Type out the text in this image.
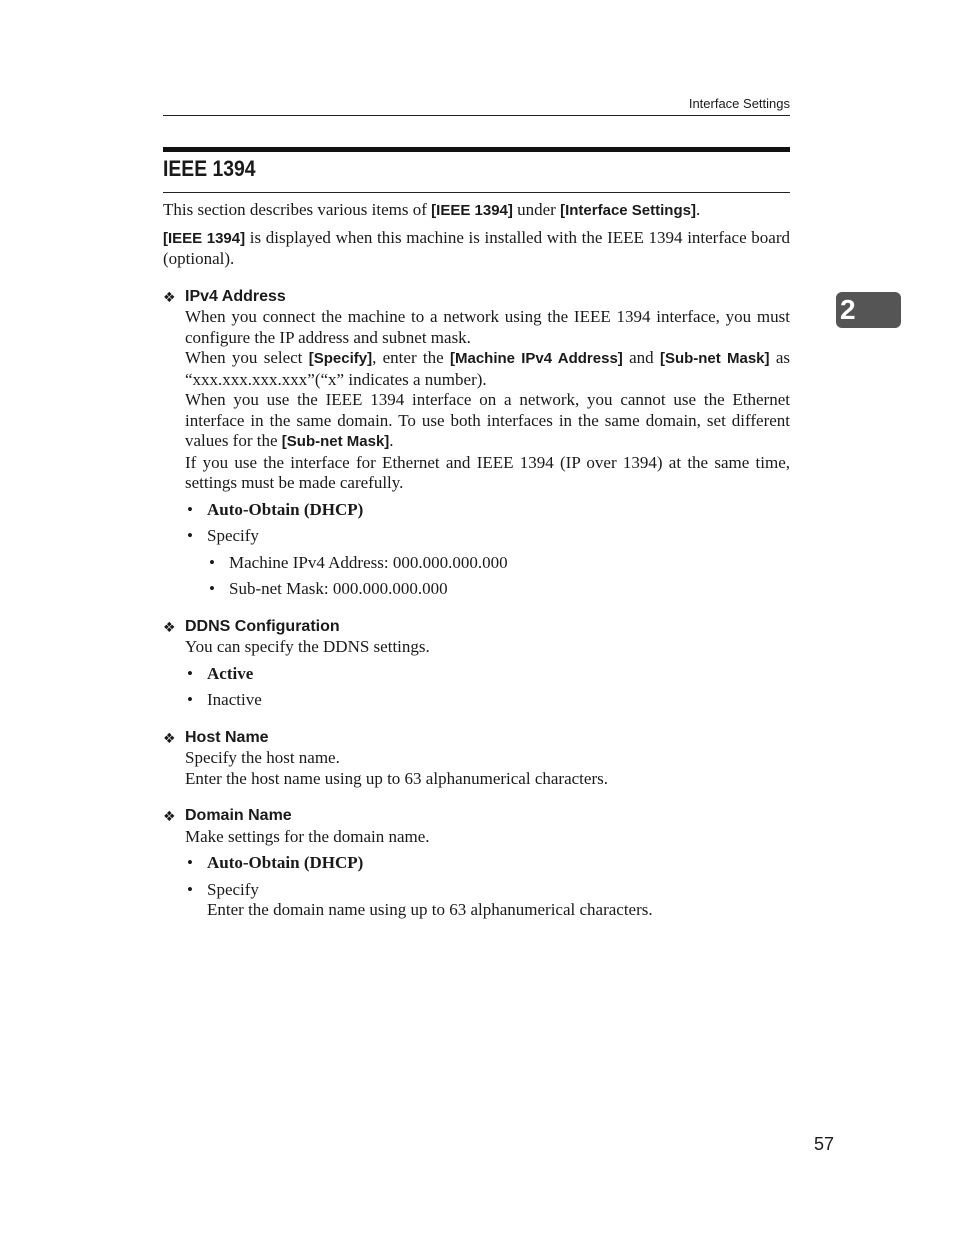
Interface Settings
IEEE 1394
2

This section describes various items of [IEEE 1394] under [Interface Settings].

[IEEE 1394] is displayed when this machine is installed with the IEEE 1394 interface board (optional).

❖ IPv4 Address

When you connect the machine to a network using the IEEE 1394 interface, you must configure the IP address and subnet mask.

When you select [Specify], enter the [Machine IPv4 Address] and [Sub-net Mask] as “xxx.xxx.xxx.xxx”(“x” indicates a number).

When you use the IEEE 1394 interface on a network, you cannot use the Ethernet interface in the same domain. To use both interfaces in the same domain, set different values for the [Sub-net Mask].

If you use the interface for Ethernet and IEEE 1394 (IP over 1394) at the same time, settings must be made carefully.

• Auto-Obtain (DHCP)
• Specify
• Machine IPv4 Address: 000.000.000.000
• Sub-net Mask: 000.000.000.000
❖ DDNS Configuration

You can specify the DDNS settings.

• Active
• Inactive
❖ Host Name

Specify the host name.

Enter the host name using up to 63 alphanumerical characters.

❖ Domain Name

Make settings for the domain name.

• Auto-Obtain (DHCP)
• Specify
Enter the domain name using up to 63 alphanumerical characters.
57
